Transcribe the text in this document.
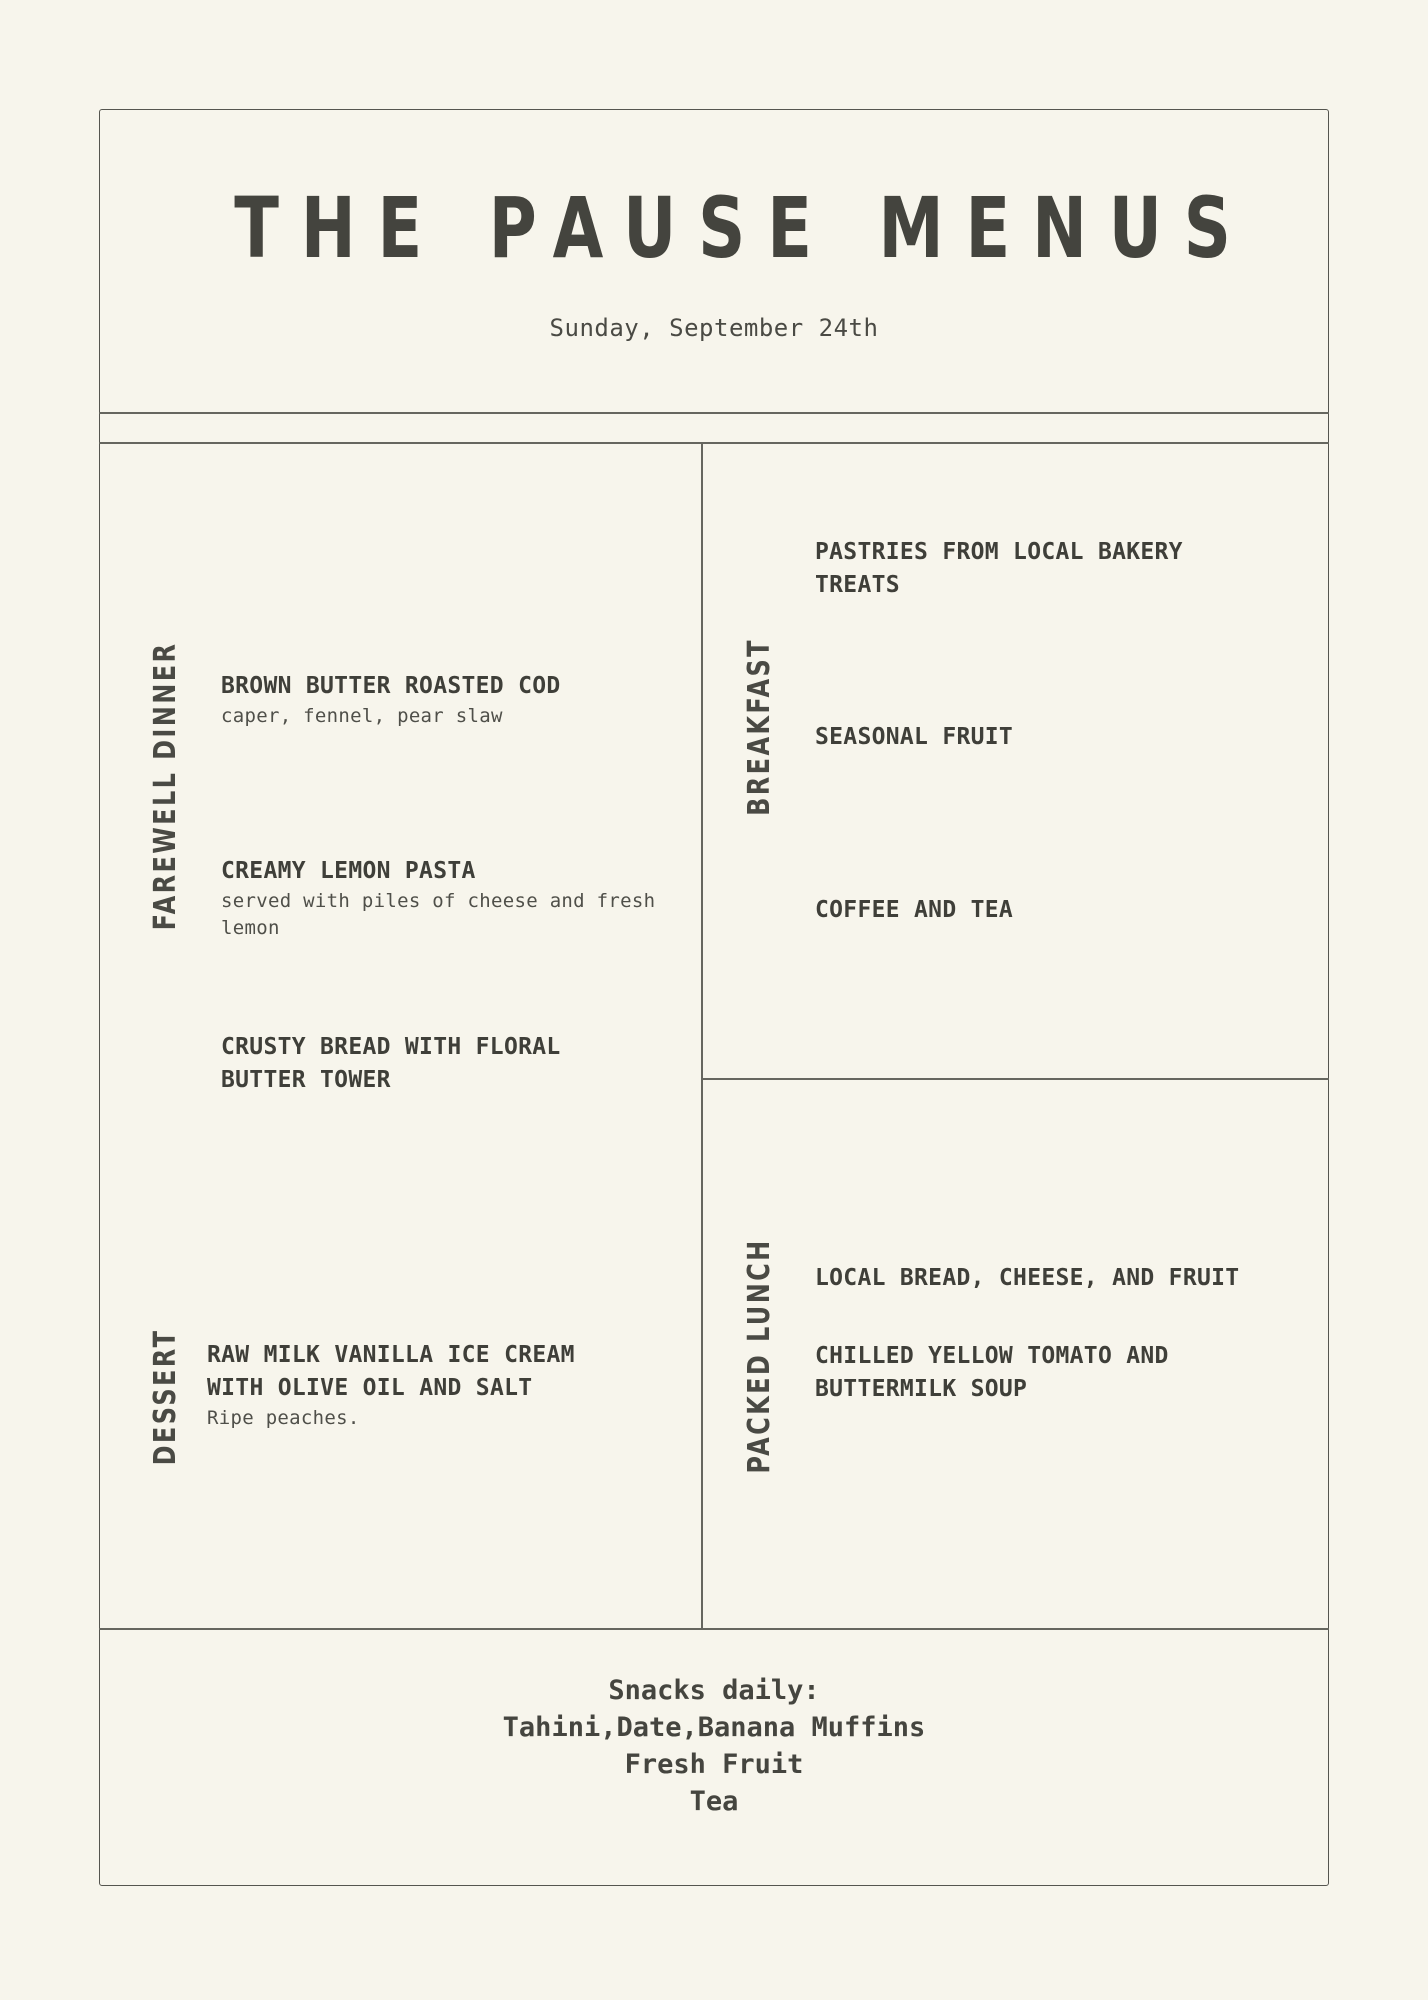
THE PAUSE MENUS
Sunday, September 24th
FAREWELL DINNER BROWN BUTTER ROASTED COD
caper, fennel, pear slaw
CREAMY LEMON PASTA
served with piles of cheese and fresh lemon
CRUSTY BREAD WITH FLORAL BUTTER TOWER
DESSERT RAW MILK VANILLA ICE CREAM WITH OLIVE OIL AND SALT
Ripe peaches.
BREAKFAST
PASTRIES FROM LOCAL BAKERY TREATS
SEASONAL FRUIT
COFFEE AND TEA
PACKED LUNCH LOCAL BREAD, CHEESE, AND FRUIT
CHILLED YELLOW TOMATO AND BUTTERMILK SOUP
Snacks daily:
Tahini,Date,Banana Muffins
Fresh Fruit
Tea
